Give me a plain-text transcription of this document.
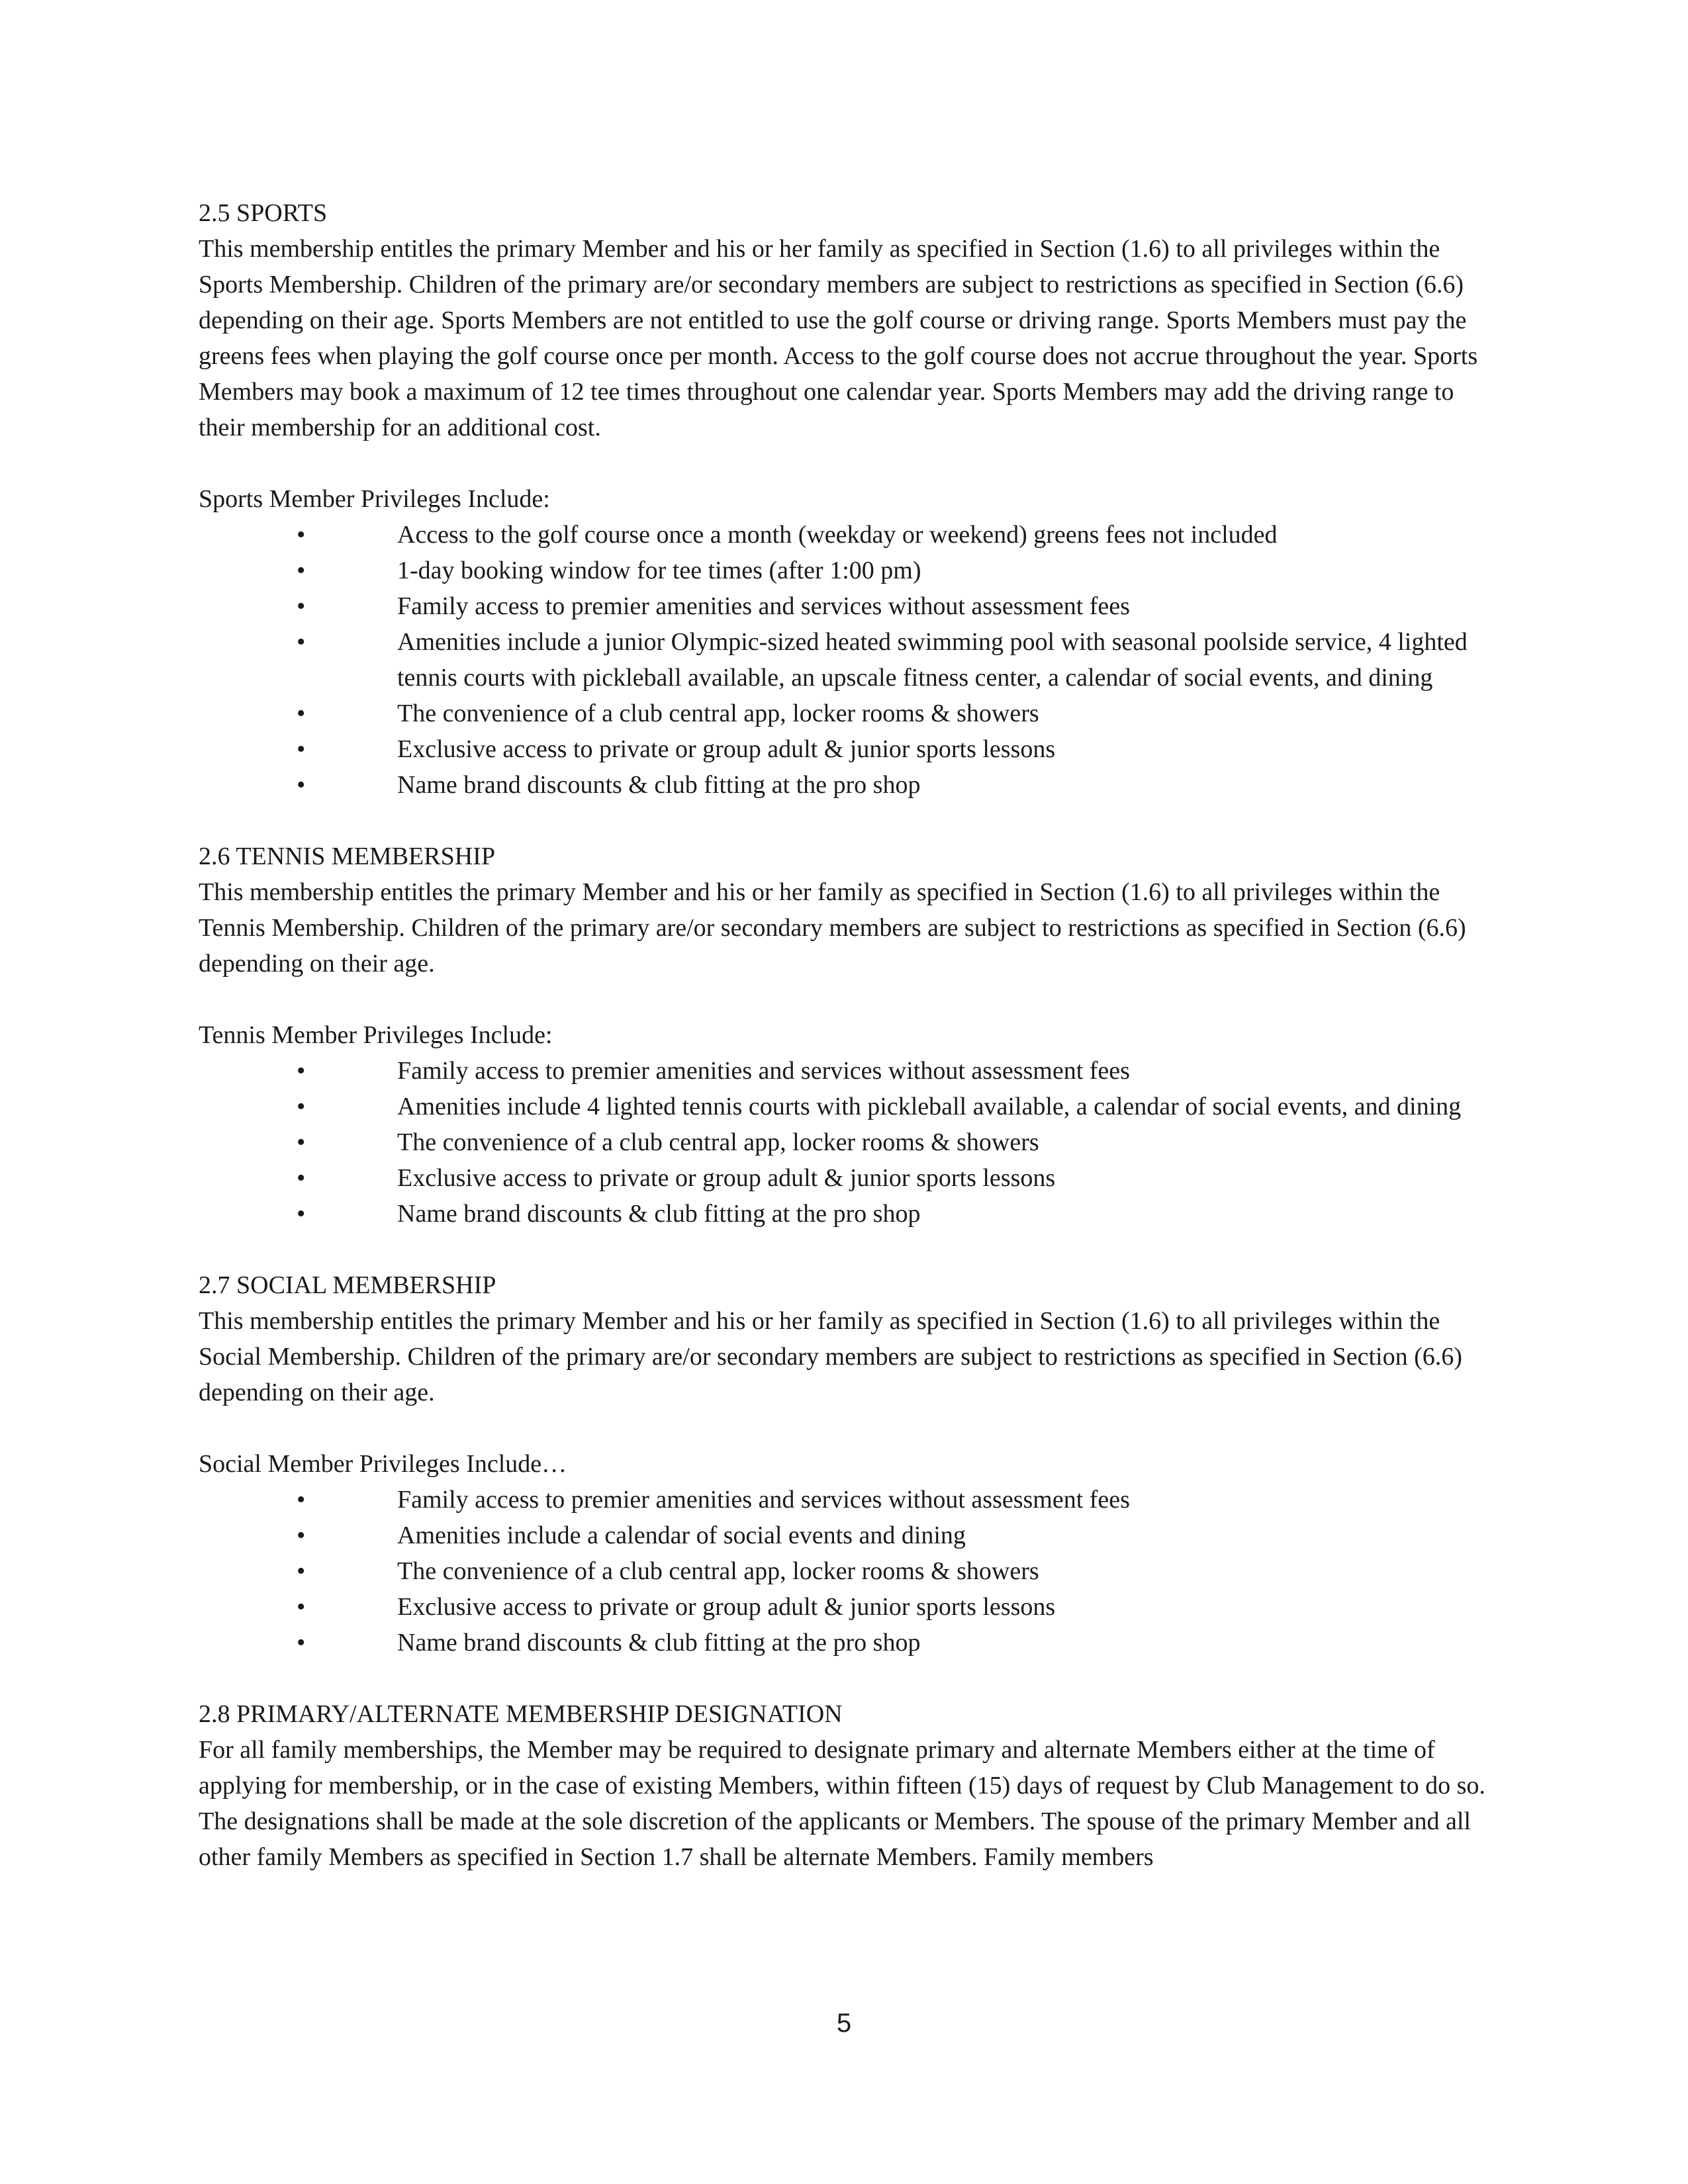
2.5 SPORTS

This membership entitles the primary Member and his or her family as specified in Section (1.6) to all privileges within the Sports Membership. Children of the primary are/or secondary members are subject to restrictions as specified in Section (6.6) depending on their age. Sports Members are not entitled to use the golf course or driving range. Sports Members must pay the greens fees when playing the golf course once per month. Access to the golf course does not accrue throughout the year. Sports Members may book a maximum of 12 tee times throughout one calendar year. Sports Members may add the driving range to their membership for an additional cost.

Sports Member Privileges Include:

•	Access to the golf course once a month (weekday or weekend) greens fees not included
•	1-day booking window for tee times (after 1:00 pm)
•	Family access to premier amenities and services without assessment fees
•	Amenities include a junior Olympic-sized heated swimming pool with seasonal poolside service, 4 lighted tennis courts with pickleball available, an upscale fitness center, a calendar of social events, and dining
•	The convenience of a club central app, locker rooms & showers
•	Exclusive access to private or group adult & junior sports lessons
•	Name brand discounts & club fitting at the pro shop
2.6 TENNIS MEMBERSHIP

This membership entitles the primary Member and his or her family as specified in Section (1.6) to all privileges within the Tennis Membership. Children of the primary are/or secondary members are subject to restrictions as specified in Section (6.6) depending on their age.

Tennis Member Privileges Include:

•	Family access to premier amenities and services without assessment fees
•	Amenities include 4 lighted tennis courts with pickleball available, a calendar of social events, and dining
•	The convenience of a club central app, locker rooms & showers
•	Exclusive access to private or group adult & junior sports lessons
•	Name brand discounts & club fitting at the pro shop
2.7 SOCIAL MEMBERSHIP

This membership entitles the primary Member and his or her family as specified in Section (1.6) to all privileges within the Social Membership. Children of the primary are/or secondary members are subject to restrictions as specified in Section (6.6) depending on their age.

Social Member Privileges Include…

•	Family access to premier amenities and services without assessment fees
•	Amenities include a calendar of social events and dining
•	The convenience of a club central app, locker rooms & showers
•	Exclusive access to private or group adult & junior sports lessons
•	Name brand discounts & club fitting at the pro shop
2.8 PRIMARY/ALTERNATE MEMBERSHIP DESIGNATION

For all family memberships, the Member may be required to designate primary and alternate Members either at the time of applying for membership, or in the case of existing Members, within fifteen (15) days of request by Club Management to do so. The designations shall be made at the sole discretion of the applicants or Members. The spouse of the primary Member and all other family Members as specified in Section 1.7 shall be alternate Members. Family members

5
